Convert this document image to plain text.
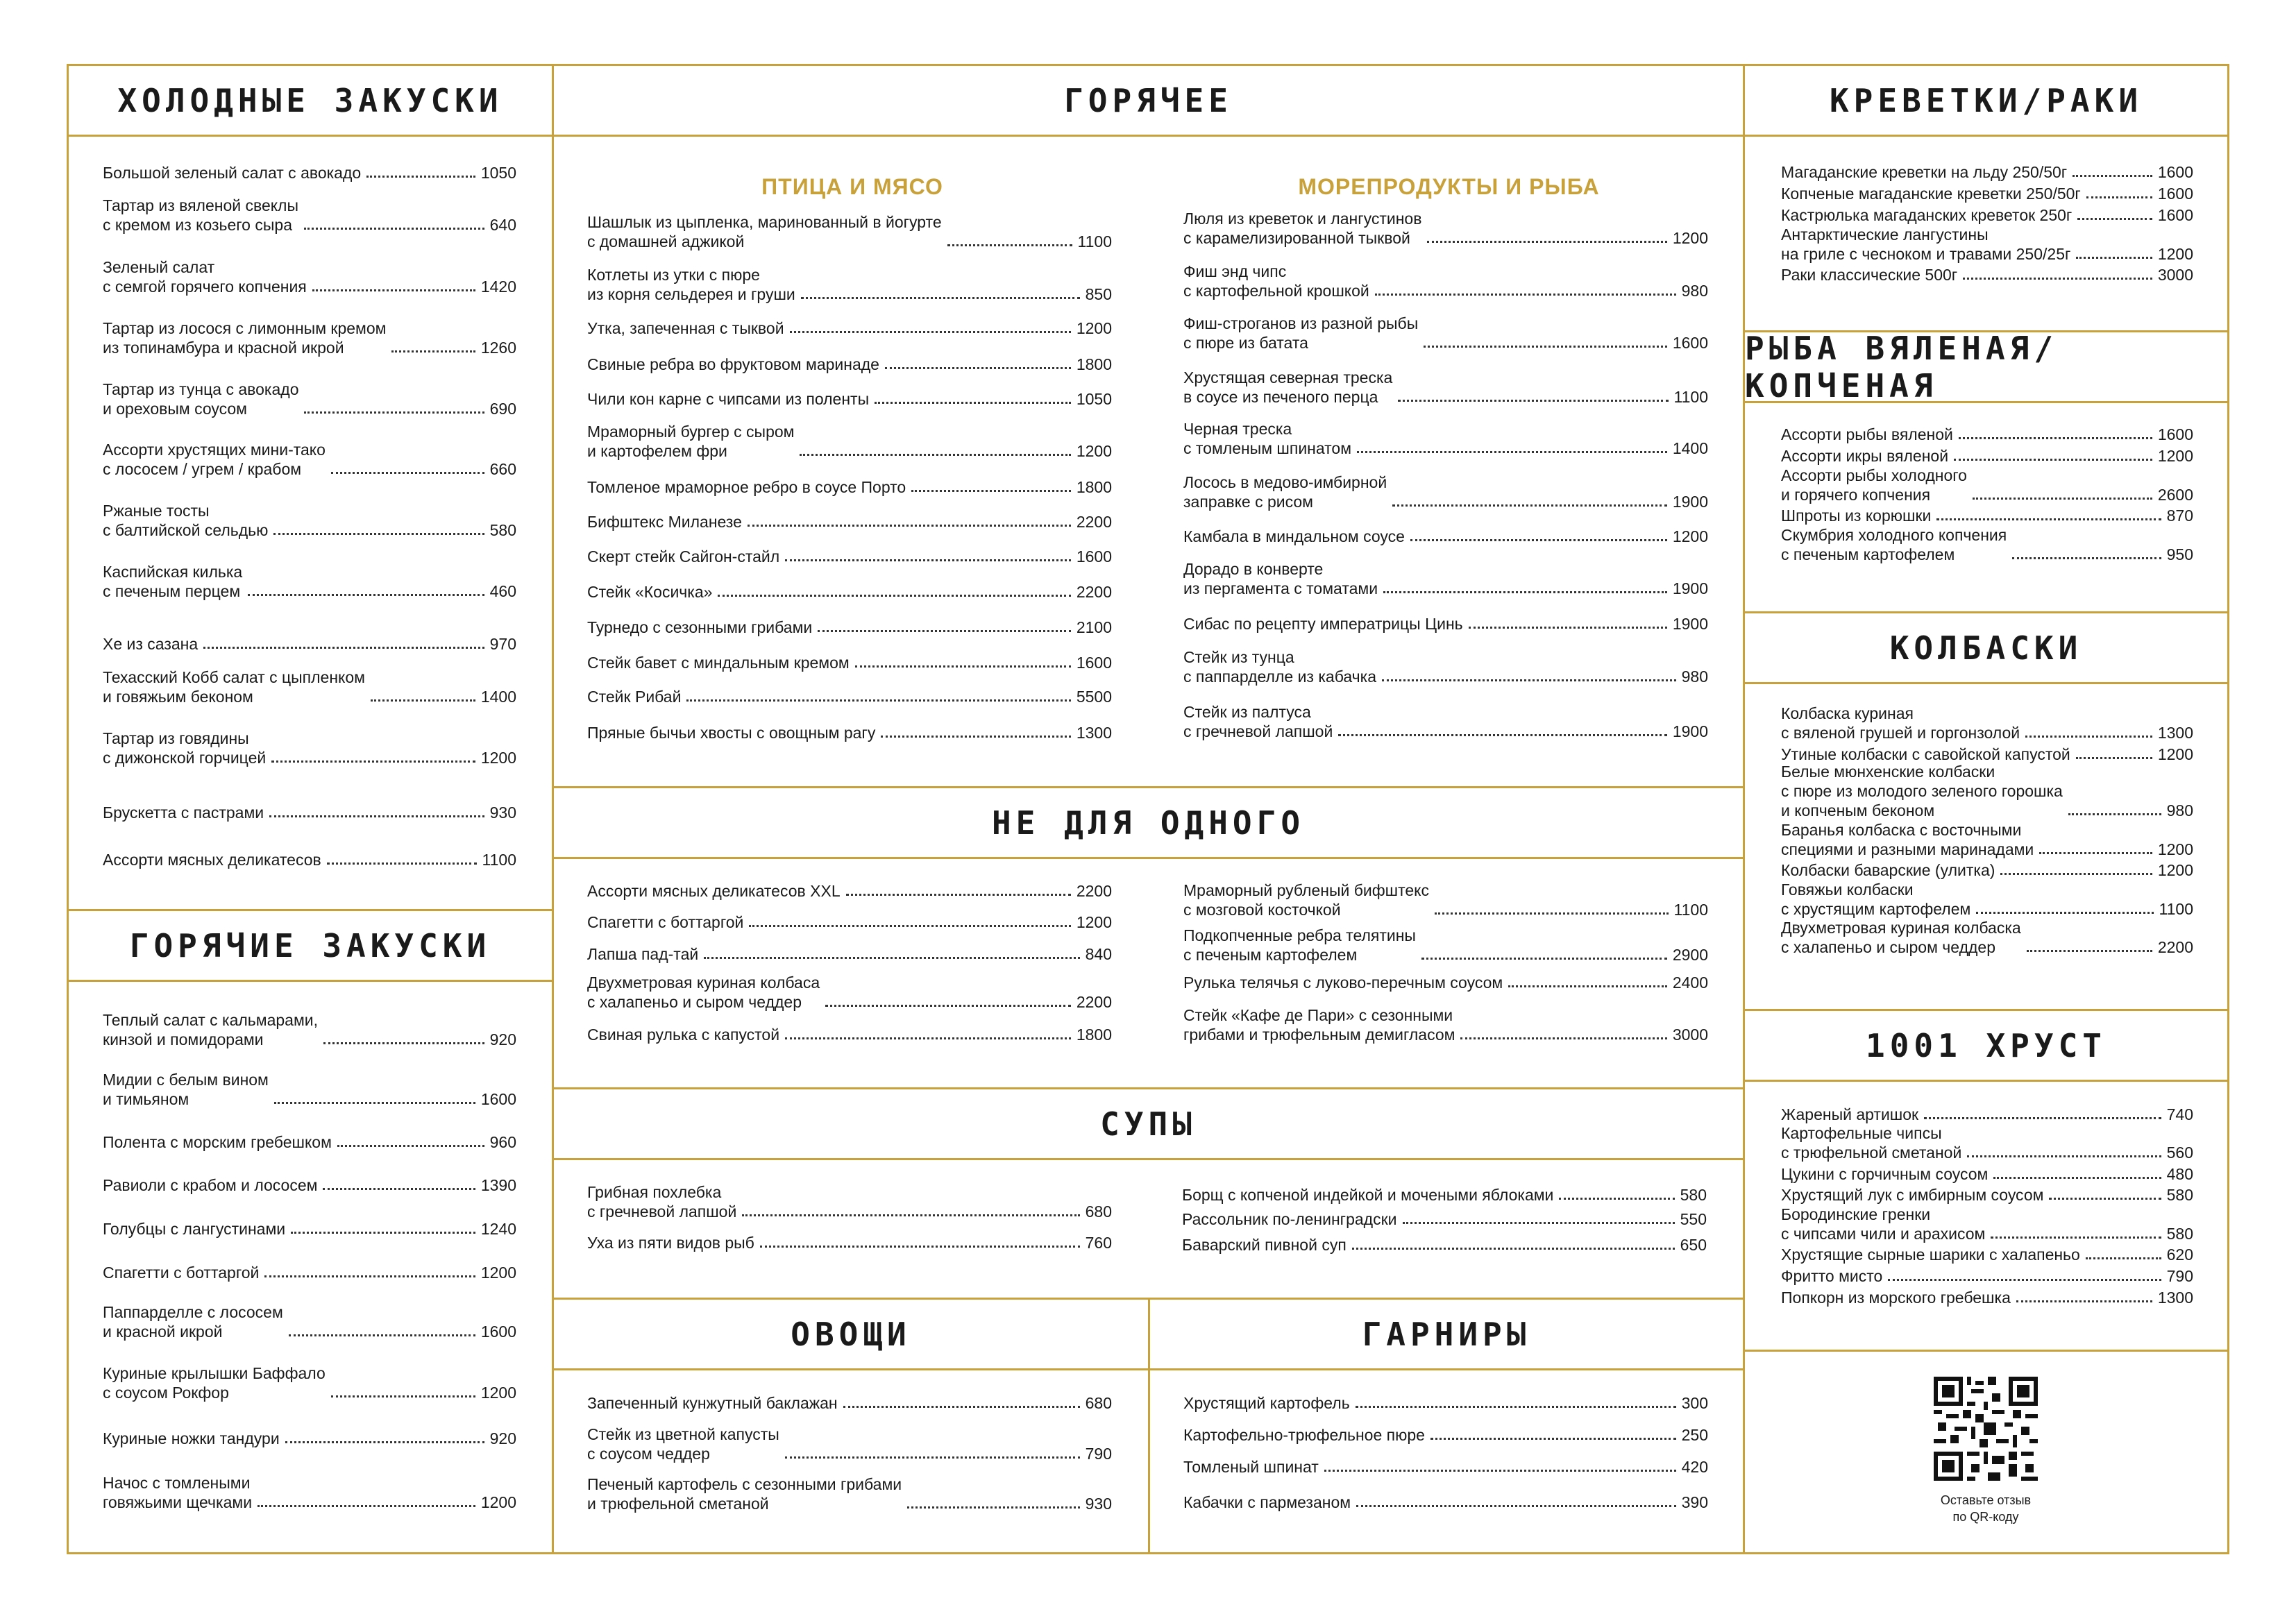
ХОЛОДНЫЕ ЗАКУСКИ
ГОРЯЧИЕ ЗАКУСКИ
ГОРЯЧЕЕ
ПТИЦА И МЯСО	МОРЕПРОДУКТЫ И РЫБА
НЕ ДЛЯ ОДНОГО
СУПЫ
ОВОЩИ	ГАРНИРЫ
КРЕВЕТКИ/РАКИ
РЫБА ВЯЛЕНАЯ/КОПЧЕНАЯ
КОЛБАСКИ
1001 ХРУСТ
Оставьте отзыв
по QR-коду
Большой зеленый салат с авокадо	1050
Тартар из вяленой свеклы
с кремом из козьего сыра	640
Зеленый салат
с семгой горячего копчения	1420
Тартар из лосося с лимонным кремом
из топинамбура и красной икрой	1260
Тартар из тунца с авокадо
и ореховым соусом	690
Ассорти хрустящих мини-тако
с лососем / угрем / крабом	660
Ржаные тосты
с балтийской сельдью	580
Каспийская килька
с печеным перцем	460
Хе из сазана	970
Техасский Кобб салат с цыпленком
и говяжьим беконом	1400
Тартар из говядины
с дижонской горчицей	1200
Брускетта с пастрами	930
Ассорти мясных деликатесов	1100
Теплый салат с кальмарами,
кинзой и помидорами	920
Мидии с белым вином
и тимьяном	1600
Полента с морским гребешком	960
Равиоли с крабом и лососем	1390
Голубцы с лангустинами	1240
Спагетти с боттаргой	1200
Паппарделле с лососем
и красной икрой	1600
Куриные крылышки Баффало
с соусом Рокфор	1200
Куриные ножки тандури	920
Начос с томлеными
говяжьими щечками	1200
Шашлык из цыпленка, маринованный в йогурте
с домашней аджикой	1100
Котлеты из утки с пюре
из корня сельдерея и груши	850
Утка, запеченная с тыквой	1200
Свиные ребра во фруктовом маринаде	1800
Чили кон карне с чипсами из поленты	1050
Мраморный бургер с сыром
и картофелем фри	1200
Томленое мраморное ребро в соусе Порто	1800
Бифштекс Миланезе	2200
Скерт стейк Сайгон-стайл	1600
Стейк «Косичка»	2200
Турнедо с сезонными грибами	2100
Стейк бавет с миндальным кремом	1600
Стейк Рибай	5500
Пряные бычьи хвосты с овощным рагу	1300
Люля из креветок и лангустинов
с карамелизированной тыквой	1200
Фиш энд чипс
с картофельной крошкой	980
Фиш-строганов из разной рыбы
с пюре из батата	1600
Хрустящая северная треска
в соусе из печеного перца	1100
Черная треска
с томленым шпинатом	1400
Лосось в медово-имбирной
заправке с рисом	1900
Камбала в миндальном соусе	1200
Дорадо в конверте
из пергамента с томатами	1900
Сибас по рецепту императрицы Цинь	1900
Стейк из тунца
с паппарделле из кабачка	980
Стейк из палтуса
с гречневой лапшой	1900
Ассорти мясных деликатесов XXL	2200
Спагетти с боттаргой	1200
Лапша пад-тай	840
Двухметровая куриная колбаса
с халапеньо и сыром чеддер	2200
Свиная рулька с капустой	1800
Мраморный рубленый бифштекс
с мозговой косточкой	1100
Подкопченные ребра телятины
с печеным картофелем	2900
Рулька телячья с луково-перечным соусом	2400
Стейк «Кафе де Пари» с сезонными
грибами и трюфельным демигласом	3000
Грибная похлебка
с гречневой лапшой	680
Уха из пяти видов рыб	760
Борщ с копченой индейкой и мочеными яблоками	580
Рассольник по-ленинградски	550
Баварский пивной суп	650
Запеченный кунжутный баклажан	680
Стейк из цветной капусты
с соусом чеддер	790
Печеный картофель с сезонными грибами
и трюфельной сметаной	930
Хрустящий картофель	300
Картофельно-трюфельное пюре	250
Томленый шпинат	420
Кабачки с пармезаном	390
Магаданские креветки на льду 250/50г	1600
Копченые магаданские креветки 250/50г	1600
Кастрюлька магаданских креветок 250г	1600
Антарктические лангустины
на гриле с чесноком и травами 250/25г	1200
Раки классические 500г	3000
Ассорти рыбы вяленой	1600
Ассорти икры вяленой	1200
Ассорти рыбы холодного
и горячего копчения	2600
Шпроты из корюшки	870
Скумбрия холодного копчения
с печеным картофелем	950
Колбаска куриная
с вяленой грушей и горгонзолой	1300
Утиные колбаски с савойской капустой	1200
Белые мюнхенские колбаски
с пюре из молодого зеленого горошка
и копченым беконом	980
Баранья колбаска с восточными
специями и разными маринадами	1200
Колбаски баварские (улитка)	1200
Говяжьи колбаски
с хрустящим картофелем	1100
Двухметровая куриная колбаска
с халапеньо и сыром чеддер	2200
Жареный артишок	740
Картофельные чипсы
с трюфельной сметаной	560
Цукини с горчичным соусом	480
Хрустящий лук с имбирным соусом	580
Бородинские гренки
с чипсами чили и арахисом	580
Хрустящие сырные шарики с халапеньо	620
Фритто мисто	790
Попкорн из морского гребешка	1300
